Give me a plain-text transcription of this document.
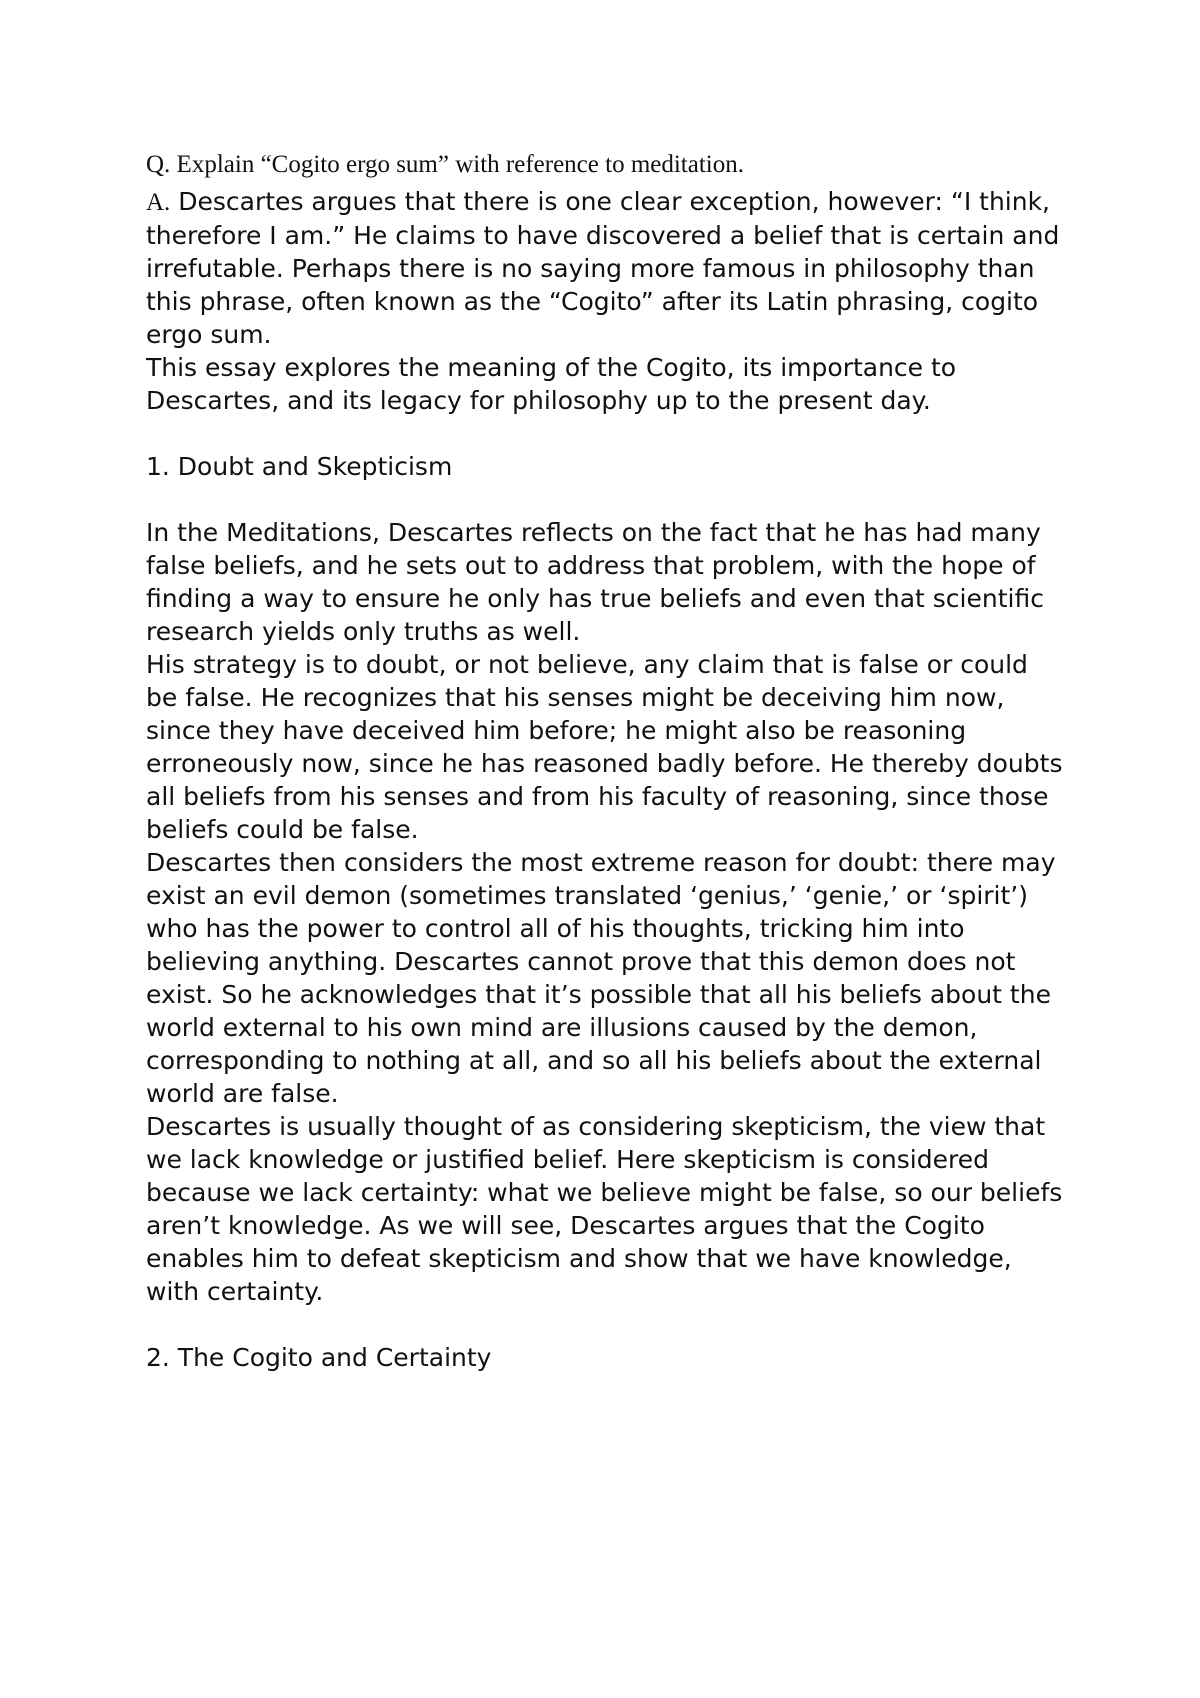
Q. Explain “Cogito ergo sum” with reference to meditation.

A. Descartes argues that there is one clear exception, however: “I think, therefore I am.” He claims to have discovered a belief that is certain and irrefutable. Perhaps there is no saying more famous in philosophy than this phrase, often known as the “Cogito” after its Latin phrasing, cogito ergo sum.

This essay explores the meaning of the Cogito, its importance to Descartes, and its legacy for philosophy up to the present day.

1. Doubt and Skepticism

In the Meditations, Descartes reflects on the fact that he has had many false beliefs, and he sets out to address that problem, with the hope of finding a way to ensure he only has true beliefs and even that scientific research yields only truths as well.

His strategy is to doubt, or not believe, any claim that is false or could be false. He recognizes that his senses might be deceiving him now, since they have deceived him before; he might also be reasoning erroneously now, since he has reasoned badly before. He thereby doubts all beliefs from his senses and from his faculty of reasoning, since those beliefs could be false.

Descartes then considers the most extreme reason for doubt: there may exist an evil demon (sometimes translated ‘genius,’ ‘genie,’ or ‘spirit’) who has the power to control all of his thoughts, tricking him into believing anything. Descartes cannot prove that this demon does not exist. So he acknowledges that it’s possible that all his beliefs about the world external to his own mind are illusions caused by the demon, corresponding to nothing at all, and so all his beliefs about the external world are false.

Descartes is usually thought of as considering skepticism, the view that we lack knowledge or justified belief. Here skepticism is considered because we lack certainty: what we believe might be false, so our beliefs aren’t knowledge. As we will see, Descartes argues that the Cogito enables him to defeat skepticism and show that we have knowledge, with certainty.

2. The Cogito and Certainty
